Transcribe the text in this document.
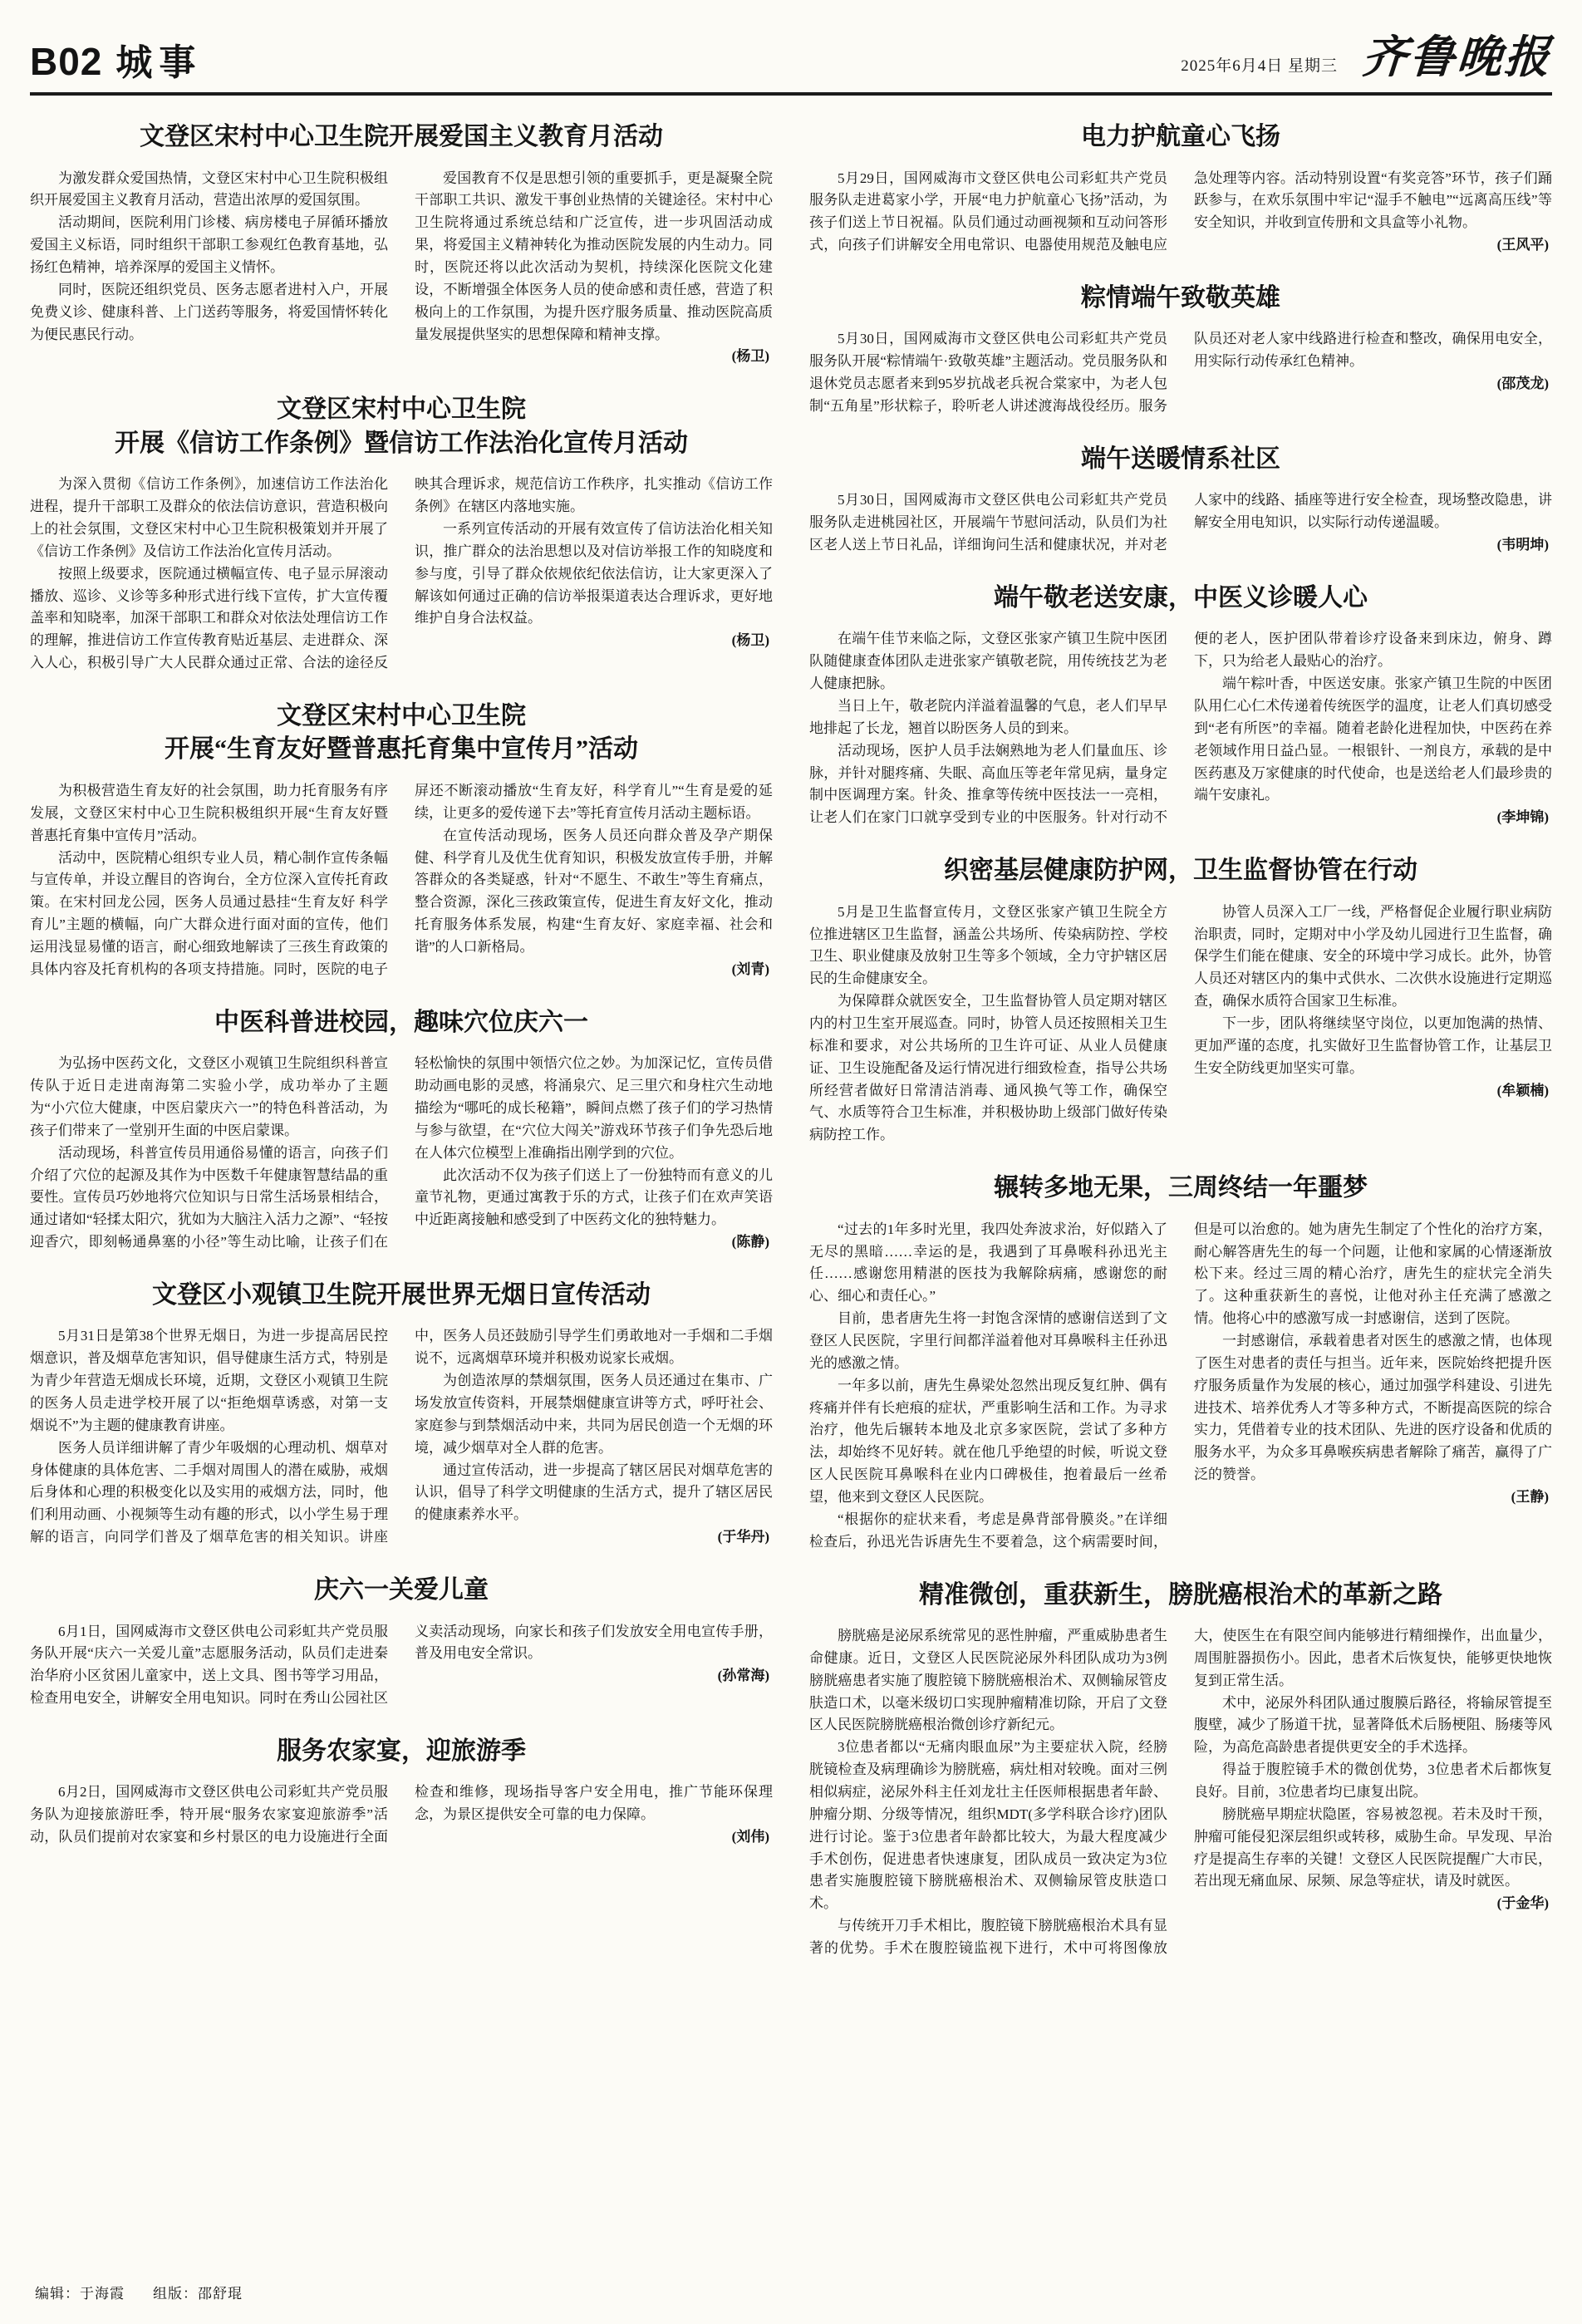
B02 城事	2025年6月4日 星期三 齐鲁晚报
文登区宋村中心卫生院开展爱国主义教育月活动

为激发群众爱国热情，文登区宋村中心卫生院积极组织开展爱国主义教育月活动，营造出浓厚的爱国氛围。

活动期间，医院利用门诊楼、病房楼电子屏循环播放爱国主义标语，同时组织干部职工参观红色教育基地，弘扬红色精神，培养深厚的爱国主义情怀。

同时，医院还组织党员、医务志愿者进村入户，开展免费义诊、健康科普、上门送药等服务，将爱国情怀转化为便民惠民行动。

爱国教育不仅是思想引领的重要抓手，更是凝聚全院干部职工共识、激发干事创业热情的关键途径。宋村中心卫生院将通过系统总结和广泛宣传，进一步巩固活动成果，将爱国主义精神转化为推动医院发展的内生动力。同时，医院还将以此次活动为契机，持续深化医院文化建设，不断增强全体医务人员的使命感和责任感，营造了积极向上的工作氛围，为提升医疗服务质量、推动医院高质量发展提供坚实的思想保障和精神支撑。

(杨卫)

文登区宋村中心卫生院
开展《信访工作条例》暨信访工作法治化宣传月活动

为深入贯彻《信访工作条例》，加速信访工作法治化进程，提升干部职工及群众的依法信访意识，营造积极向上的社会氛围，文登区宋村中心卫生院积极策划并开展了《信访工作条例》及信访工作法治化宣传月活动。

按照上级要求，医院通过横幅宣传、电子显示屏滚动播放、巡诊、义诊等多种形式进行线下宣传，扩大宣传覆盖率和知晓率，加深干部职工和群众对依法处理信访工作的理解，推进信访工作宣传教育贴近基层、走进群众、深入人心，积极引导广大人民群众通过正常、合法的途径反映其合理诉求，规范信访工作秩序，扎实推动《信访工作条例》在辖区内落地实施。

一系列宣传活动的开展有效宣传了信访法治化相关知识，推广群众的法治思想以及对信访举报工作的知晓度和参与度，引导了群众依规依纪依法信访，让大家更深入了解该如何通过正确的信访举报渠道表达合理诉求，更好地维护自身合法权益。

(杨卫)

文登区宋村中心卫生院
开展“生育友好暨普惠托育集中宣传月”活动

为积极营造生育友好的社会氛围，助力托育服务有序发展，文登区宋村中心卫生院积极组织开展“生育友好暨普惠托育集中宣传月”活动。

活动中，医院精心组织专业人员，精心制作宣传条幅与宣传单，并设立醒目的咨询台，全方位深入宣传托育政策。在宋村回龙公园，医务人员通过悬挂“生育友好 科学育儿”主题的横幅，向广大群众进行面对面的宣传，他们运用浅显易懂的语言，耐心细致地解读了三孩生育政策的具体内容及托育机构的各项支持措施。同时，医院的电子屏还不断滚动播放“生育友好，科学育儿”“生育是爱的延续，让更多的爱传递下去”等托育宣传月活动主题标语。

在宣传活动现场，医务人员还向群众普及孕产期保健、科学育儿及优生优育知识，积极发放宣传手册，并解答群众的各类疑惑，针对“不愿生、不敢生”等生育痛点，整合资源，深化三孩政策宣传，促进生育友好文化，推动托育服务体系发展，构建“生育友好、家庭幸福、社会和谐”的人口新格局。

(刘青)

中医科普进校园，趣味穴位庆六一

为弘扬中医药文化，文登区小观镇卫生院组织科普宣传队于近日走进南海第二实验小学，成功举办了主题为“小穴位大健康，中医启蒙庆六一”的特色科普活动，为孩子们带来了一堂别开生面的中医启蒙课。

活动现场，科普宣传员用通俗易懂的语言，向孩子们介绍了穴位的起源及其作为中医数千年健康智慧结晶的重要性。宣传员巧妙地将穴位知识与日常生活场景相结合，通过诸如“轻揉太阳穴，犹如为大脑注入活力之源”、“轻按迎香穴，即刻畅通鼻塞的小径”等生动比喻，让孩子们在轻松愉快的氛围中领悟穴位之妙。为加深记忆，宣传员借助动画电影的灵感，将涌泉穴、足三里穴和身柱穴生动地描绘为“哪吒的成长秘籍”，瞬间点燃了孩子们的学习热情与参与欲望，在“穴位大闯关”游戏环节孩子们争先恐后地在人体穴位模型上准确指出刚学到的穴位。

此次活动不仅为孩子们送上了一份独特而有意义的儿童节礼物，更通过寓教于乐的方式，让孩子们在欢声笑语中近距离接触和感受到了中医药文化的独特魅力。

(陈静)

文登区小观镇卫生院开展世界无烟日宣传活动

5月31日是第38个世界无烟日，为进一步提高居民控烟意识，普及烟草危害知识，倡导健康生活方式，特别是为青少年营造无烟成长环境，近期，文登区小观镇卫生院的医务人员走进学校开展了以“拒绝烟草诱惑，对第一支烟说不”为主题的健康教育讲座。

医务人员详细讲解了青少年吸烟的心理动机、烟草对身体健康的具体危害、二手烟对周围人的潜在威胁，戒烟后身体和心理的积极变化以及实用的戒烟方法，同时，他们利用动画、小视频等生动有趣的形式，以小学生易于理解的语言，向同学们普及了烟草危害的相关知识。讲座中，医务人员还鼓励引导学生们勇敢地对一手烟和二手烟说不，远离烟草环境并积极劝说家长戒烟。

为创造浓厚的禁烟氛围，医务人员还通过在集市、广场发放宣传资料，开展禁烟健康宣讲等方式，呼吁社会、家庭参与到禁烟活动中来，共同为居民创造一个无烟的环境，减少烟草对全人群的危害。

通过宣传活动，进一步提高了辖区居民对烟草危害的认识，倡导了科学文明健康的生活方式，提升了辖区居民的健康素养水平。

(于华丹)

庆六一关爱儿童

6月1日，国网威海市文登区供电公司彩虹共产党员服务队开展“庆六一关爱儿童”志愿服务活动，队员们走进秦治华府小区贫困儿童家中，送上文具、图书等学习用品，检查用电安全，讲解安全用电知识。同时在秀山公园社区义卖活动现场，向家长和孩子们发放安全用电宣传手册，普及用电安全常识。

(孙常海)

服务农家宴，迎旅游季

6月2日，国网威海市文登区供电公司彩虹共产党员服务队为迎接旅游旺季，特开展“服务农家宴迎旅游季”活动，队员们提前对农家宴和乡村景区的电力设施进行全面检查和维修，现场指导客户安全用电，推广节能环保理念，为景区提供安全可靠的电力保障。

(刘伟)

电力护航童心飞扬

5月29日，国网威海市文登区供电公司彩虹共产党员服务队走进葛家小学，开展“电力护航童心飞扬”活动，为孩子们送上节日祝福。队员们通过动画视频和互动问答形式，向孩子们讲解安全用电常识、电器使用规范及触电应急处理等内容。活动特别设置“有奖竞答”环节，孩子们踊跃参与，在欢乐氛围中牢记“湿手不触电”“远离高压线”等安全知识，并收到宣传册和文具盒等小礼物。

(王风平)

粽情端午致敬英雄

5月30日，国网威海市文登区供电公司彩虹共产党员服务队开展“粽情端午·致敬英雄”主题活动。党员服务队和退休党员志愿者来到95岁抗战老兵祝合棠家中，为老人包制“五角星”形状粽子，聆听老人讲述渡海战役经历。服务队员还对老人家中线路进行检查和整改，确保用电安全，用实际行动传承红色精神。

(邵茂龙)

端午送暖情系社区

5月30日，国网威海市文登区供电公司彩虹共产党员服务队走进桃园社区，开展端午节慰问活动，队员们为社区老人送上节日礼品，详细询问生活和健康状况，并对老人家中的线路、插座等进行安全检查，现场整改隐患，讲解安全用电知识，以实际行动传递温暖。

(韦明坤)

端午敬老送安康，中医义诊暖人心

在端午佳节来临之际，文登区张家产镇卫生院中医团队随健康查体团队走进张家产镇敬老院，用传统技艺为老人健康把脉。

当日上午，敬老院内洋溢着温馨的气息，老人们早早地排起了长龙，翘首以盼医务人员的到来。

活动现场，医护人员手法娴熟地为老人们量血压、诊脉，并针对腿疼痛、失眠、高血压等老年常见病，量身定制中医调理方案。针灸、推拿等传统中医技法一一亮相，让老人们在家门口就享受到专业的中医服务。针对行动不便的老人，医护团队带着诊疗设备来到床边，俯身、蹲下，只为给老人最贴心的治疗。

端午粽叶香，中医送安康。张家产镇卫生院的中医团队用仁心仁术传递着传统医学的温度，让老人们真切感受到“老有所医”的幸福。随着老龄化进程加快，中医药在养老领域作用日益凸显。一根银针、一剂良方，承载的是中医药惠及万家健康的时代使命，也是送给老人们最珍贵的端午安康礼。

(李坤锦)

织密基层健康防护网，卫生监督协管在行动

5月是卫生监督宣传月，文登区张家产镇卫生院全方位推进辖区卫生监督，涵盖公共场所、传染病防控、学校卫生、职业健康及放射卫生等多个领域，全力守护辖区居民的生命健康安全。

为保障群众就医安全，卫生监督协管人员定期对辖区内的村卫生室开展巡查。同时，协管人员还按照相关卫生标准和要求，对公共场所的卫生许可证、从业人员健康证、卫生设施配备及运行情况进行细致检查，指导公共场所经营者做好日常清洁消毒、通风换气等工作，确保空气、水质等符合卫生标准，并积极协助上级部门做好传染病防控工作。

协管人员深入工厂一线，严格督促企业履行职业病防治职责，同时，定期对中小学及幼儿园进行卫生监督，确保学生们能在健康、安全的环境中学习成长。此外，协管人员还对辖区内的集中式供水、二次供水设施进行定期巡查，确保水质符合国家卫生标准。

下一步，团队将继续坚守岗位，以更加饱满的热情、更加严谨的态度，扎实做好卫生监督协管工作，让基层卫生安全防线更加坚实可靠。

(牟颖楠)

辗转多地无果，三周终结一年噩梦

“过去的1年多时光里，我四处奔波求治，好似踏入了无尽的黑暗……幸运的是，我遇到了耳鼻喉科孙迅光主任……感谢您用精湛的医技为我解除病痛，感谢您的耐心、细心和责任心。”

目前，患者唐先生将一封饱含深情的感谢信送到了文登区人民医院，字里行间都洋溢着他对耳鼻喉科主任孙迅光的感激之情。

一年多以前，唐先生鼻梁处忽然出现反复红肿、偶有疼痛并伴有长疤痕的症状，严重影响生活和工作。为寻求治疗，他先后辗转本地及北京多家医院，尝试了多种方法，却始终不见好转。就在他几乎绝望的时候，听说文登区人民医院耳鼻喉科在业内口碑极佳，抱着最后一丝希望，他来到文登区人民医院。

“根据你的症状来看，考虑是鼻背部骨膜炎。”在详细检查后，孙迅光告诉唐先生不要着急，这个病需要时间，但是可以治愈的。她为唐先生制定了个性化的治疗方案，耐心解答唐先生的每一个问题，让他和家属的心情逐渐放松下来。经过三周的精心治疗，唐先生的症状完全消失了。这种重获新生的喜悦，让他对孙主任充满了感激之情。他将心中的感激写成一封感谢信，送到了医院。

一封感谢信，承载着患者对医生的感激之情，也体现了医生对患者的责任与担当。近年来，医院始终把提升医疗服务质量作为发展的核心，通过加强学科建设、引进先进技术、培养优秀人才等多种方式，不断提高医院的综合实力，凭借着专业的技术团队、先进的医疗设备和优质的服务水平，为众多耳鼻喉疾病患者解除了痛苦，赢得了广泛的赞誉。

(王静)

精准微创，重获新生，膀胱癌根治术的革新之路

膀胱癌是泌尿系统常见的恶性肿瘤，严重威胁患者生命健康。近日，文登区人民医院泌尿外科团队成功为3例膀胱癌患者实施了腹腔镜下膀胱癌根治术、双侧输尿管皮肤造口术，以毫米级切口实现肿瘤精准切除，开启了文登区人民医院膀胱癌根治微创诊疗新纪元。

3位患者都以“无痛肉眼血尿”为主要症状入院，经膀胱镜检查及病理确诊为膀胱癌，病灶相对较晚。面对三例相似病症，泌尿外科主任刘龙壮主任医师根据患者年龄、肿瘤分期、分级等情况，组织MDT(多学科联合诊疗)团队进行讨论。鉴于3位患者年龄都比较大，为最大程度减少手术创伤，促进患者快速康复，团队成员一致决定为3位患者实施腹腔镜下膀胱癌根治术、双侧输尿管皮肤造口术。

与传统开刀手术相比，腹腔镜下膀胱癌根治术具有显著的优势。手术在腹腔镜监视下进行，术中可将图像放大，使医生在有限空间内能够进行精细操作，出血量少，周围脏器损伤小。因此，患者术后恢复快，能够更快地恢复到正常生活。

术中，泌尿外科团队通过腹膜后路径，将输尿管提至腹壁，减少了肠道干扰，显著降低术后肠梗阻、肠瘘等风险，为高危高龄患者提供更安全的手术选择。

得益于腹腔镜手术的微创优势，3位患者术后都恢复良好。目前，3位患者均已康复出院。

膀胱癌早期症状隐匿，容易被忽视。若未及时干预，肿瘤可能侵犯深层组织或转移，威胁生命。早发现、早治疗是提高生存率的关键！文登区人民医院提醒广大市民，若出现无痛血尿、尿频、尿急等症状，请及时就医。

(于金华)

编辑：于海霞 组版：邵舒琨
